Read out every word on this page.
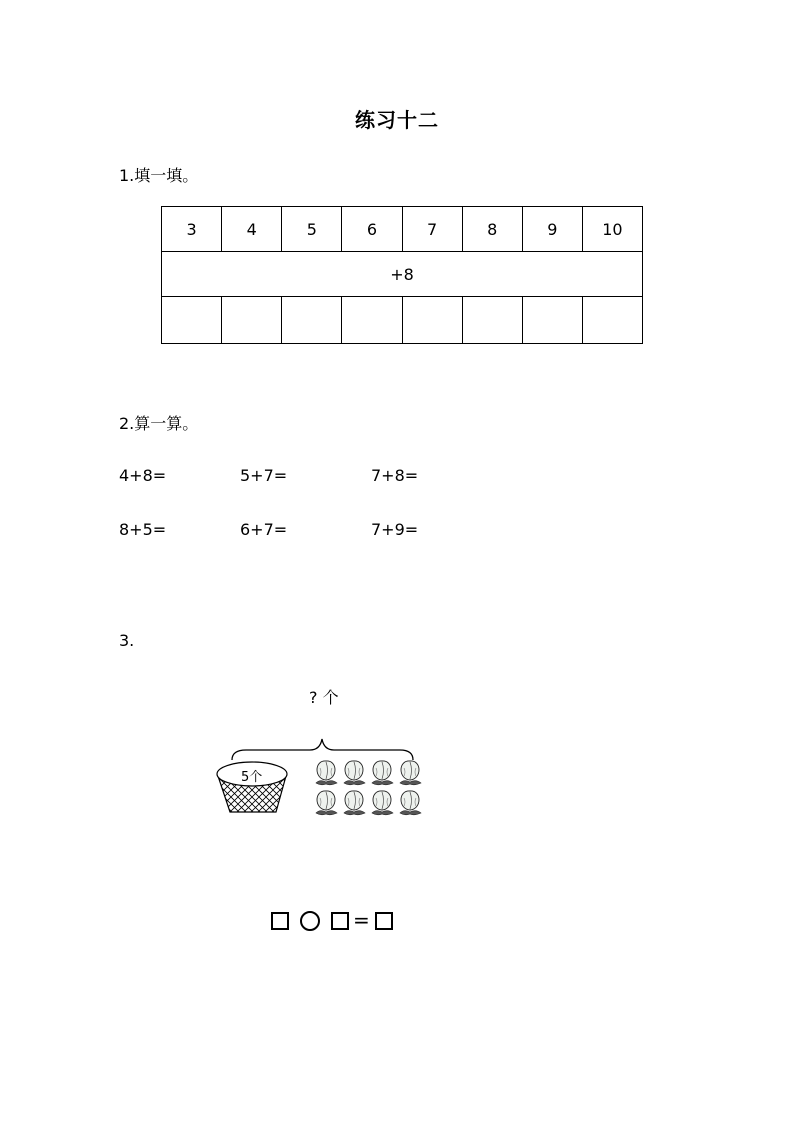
练习十二
1.填一填。
3	4	5	6	7	8	9	10
+8							

2.算一算。
4+8=	5+7=	7+8=
8+5=	6+7=	7+9=
3.
? 个
5个
=
